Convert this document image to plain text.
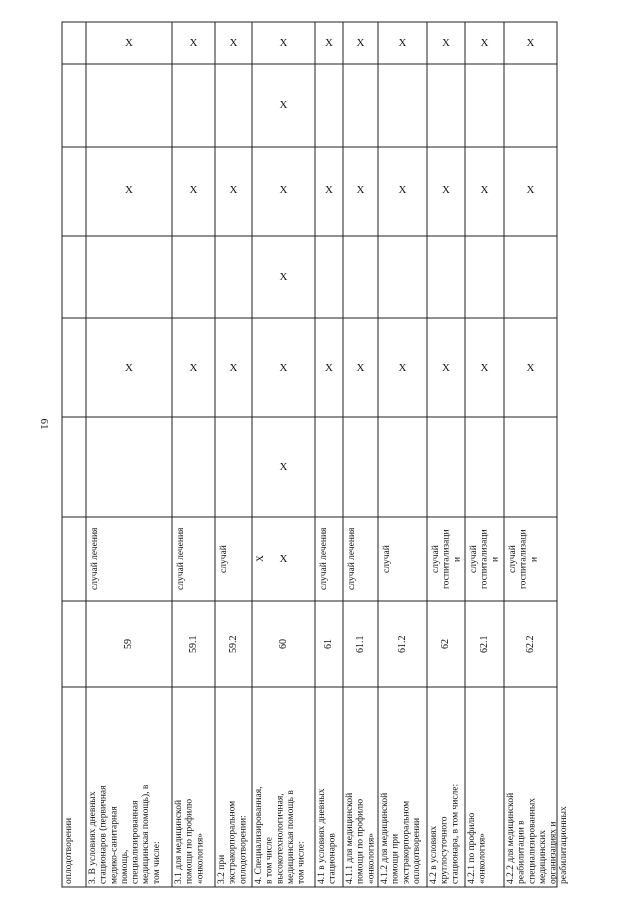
61
оплодотворении	3. В условиях дневных
стационаров (первичная
медико-санитарная
помощь,
специализированная
медицинская помощь), в
том числе:
59
случай лечения
X
X
X
3.1 для медицинской
помощи по профилю
«онкология»
59.1
случай лечения
X
X
X
3.2 при
экстракорпоральном
оплодотворении:
59.2
случай
X
X
X
4. Специализированная,
в том числе
высокотехнологичная,
медицинская помощь в
том числе:
60
X	X
X
X
X
X
X
X
4.1 в условиях дневных
стационаров
61
случай лечения
X
X
X
4.1.1 для медицинской
помощи по профилю
«онкология»
61.1
случай лечения
X
X
X
4.1.2 для медицинской
помощи при
экстракорпоральном
оплодотворении
61.2
случай
X
X
X
4.2 в условиях
круглосуточного
стационара, в том числе:
62
случай
госпитализаци
и
X
X
X
4.2.1 по профилю
«онкология»
62.1
случай
госпитализаци
и
X
X
X
4.2.2 для медицинской
реабилитации в
специализированных
медицинских
организациях и
реабилитационных
62.2
случай
госпитализаци
и
X
X
X
